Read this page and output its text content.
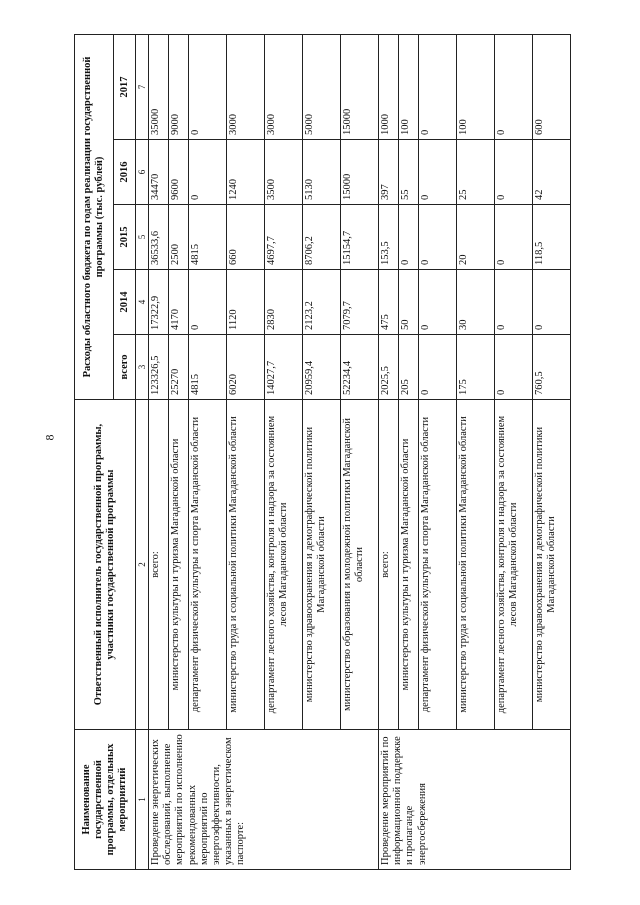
8
Наименование государственной программы, отдельных мероприятий	Ответственный исполнитель государственной программы, участники государственной программы	Расходы областного бюджета по годам реализации государственной программы (тыс. рублей)				
		всего	2014	2015	2016	2017
1	2	3	4	5	6	7
Проведение энергетических обследований, выполнение мероприятий по исполнению рекомендованных мероприятий по энергоэффективности, указанных в энергетическом паспорте:	всего:	123326,5	17322,9	36533,6	34470	35000
	министерство культуры и туризма Магаданской области	25270	4170	2500	9600	9000
	департамент физической культуры и спорта Магаданской области	4815	0	4815	0	0
	министерство труда и социальной политики Магаданской области	6020	1120	660	1240	3000
	департамент лесного хозяйства, контроля и надзора за состоянием лесов Магаданской области	14027,7	2830	4697,7	3500	3000
	министерство здравоохранения и демографической политики Магаданской области	20959,4	2123,2	8706,2	5130	5000
	министерство образования и молодежной политики Магаданской области	52234,4	7079,7	15154,7	15000	15000
Проведение мероприятий по информационной поддержке и пропаганде энергосбережения	всего:	2025,5	475	153,5	397	1000
	министерство культуры и туризма Магаданской области	205	50	0	55	100
	департамент физической культуры и спорта Магаданской области	0	0	0	0	0
	министерство труда и социальной политики Магаданской области	175	30	20	25	100
	департамент лесного хозяйства, контроля и надзора за состоянием лесов Магаданской области	0	0	0	0	0
	министерство здравоохранения и демографической политики Магаданской области	760,5	0	118,5	42	600
